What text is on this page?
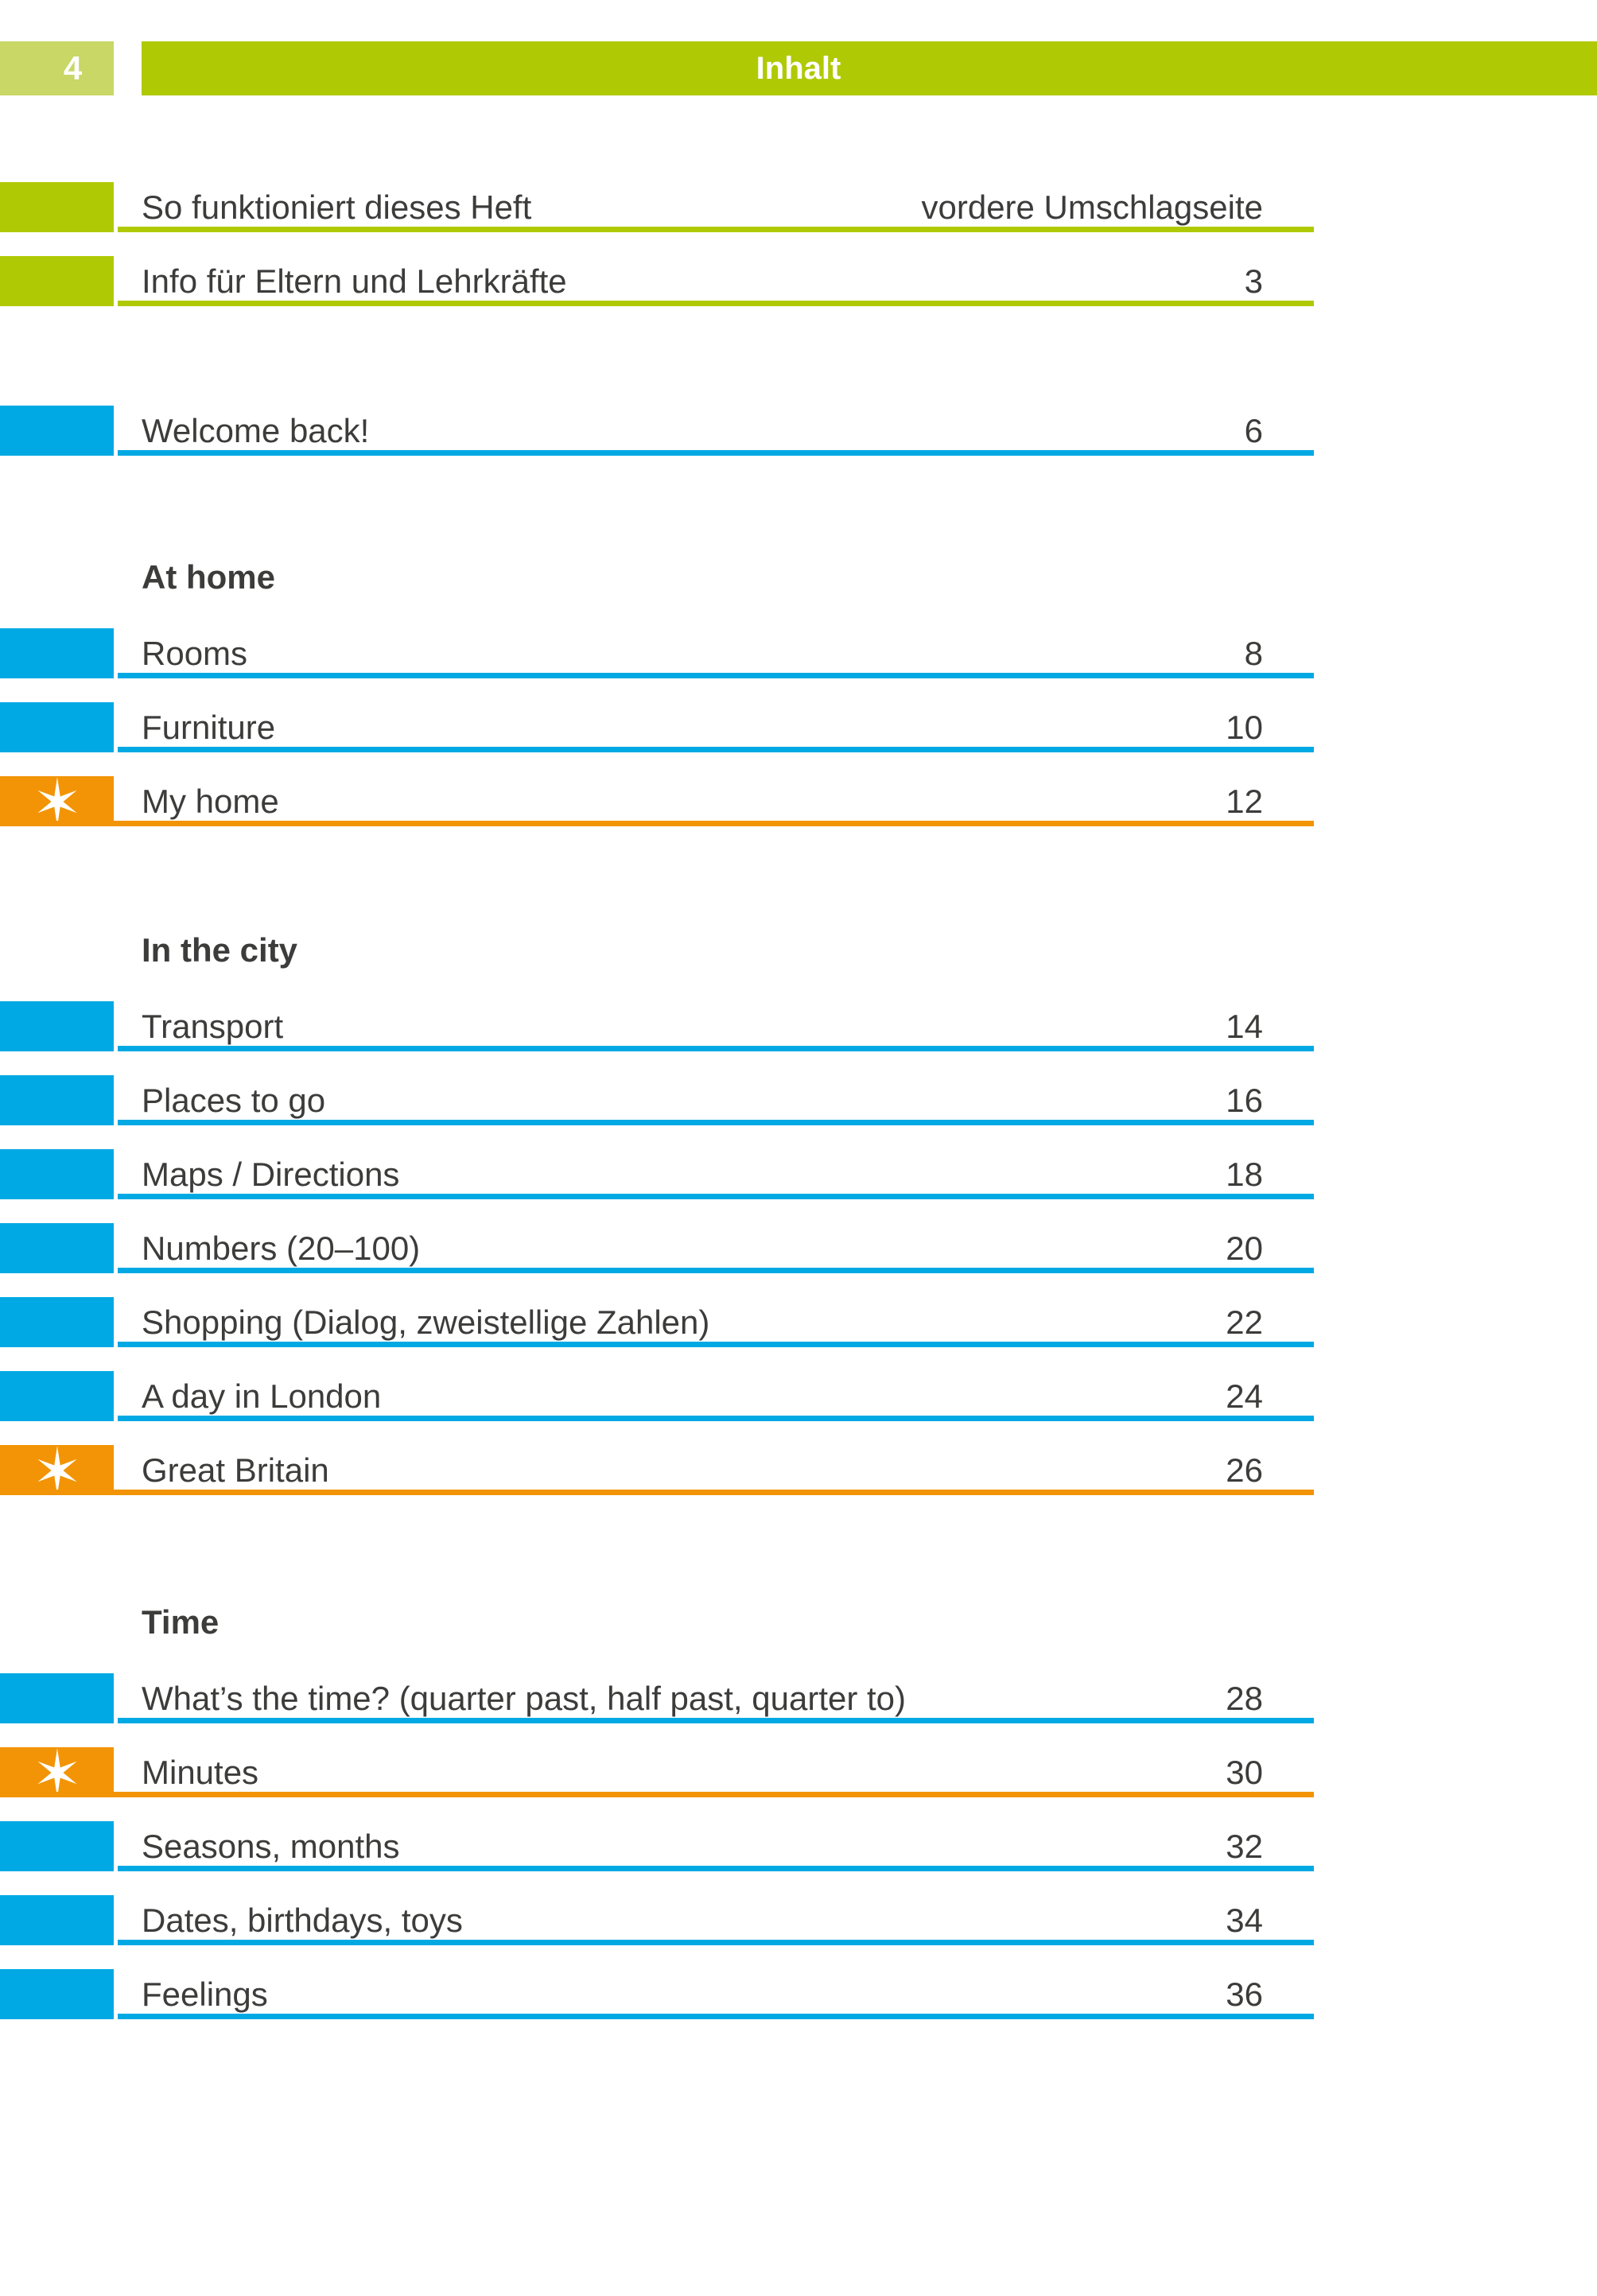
4	Inhalt
So funktioniert dieses Heft	vordere Umschlagseite
Info für Eltern und Lehrkräfte	3
Welcome back!	6
At home
Rooms	8
Furniture	10
My home	12
In the city
Transport	14
Places to go	16
Maps / Directions	18
Numbers (20–100)	20
Shopping (Dialog, zweistellige Zahlen)	22
A day in London	24
Great Britain	26
Time
What’s the time? (quarter past, half past, quarter to)	28
Minutes	30
Seasons, months	32
Dates, birthdays, toys	34
Feelings	36
